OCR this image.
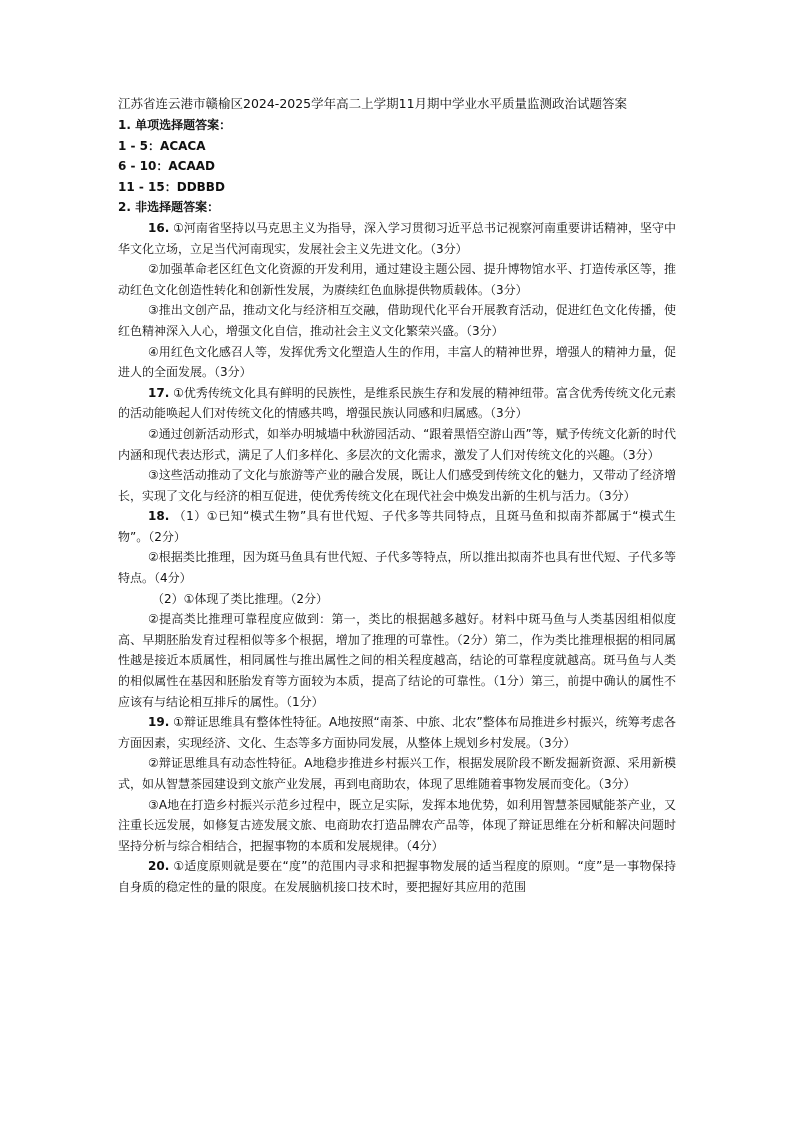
江苏省连云港市赣榆区2024-2025学年高二上学期11月期中学业水平质量监测政治试题答案

1. 单项选择题答案：

1 - 5：ACACA

6 - 10：ACAAD

11 - 15：DDBBD

2. 非选择题答案：

16. ①河南省坚持以马克思主义为指导，深入学习贯彻习近平总书记视察河南重要讲话精神，坚守中华文化立场，立足当代河南现实，发展社会主义先进文化。（3分）

②加强革命老区红色文化资源的开发利用，通过建设主题公园、提升博物馆水平、打造传承区等，推动红色文化创造性转化和创新性发展，为赓续红色血脉提供物质载体。（3分）

③推出文创产品，推动文化与经济相互交融，借助现代化平台开展教育活动，促进红色文化传播，使红色精神深入人心，增强文化自信，推动社会主义文化繁荣兴盛。（3分）

④用红色文化感召人等，发挥优秀文化塑造人生的作用，丰富人的精神世界，增强人的精神力量，促进人的全面发展。（3分）

17. ①优秀传统文化具有鲜明的民族性，是维系民族生存和发展的精神纽带。富含优秀传统文化元素的活动能唤起人们对传统文化的情感共鸣，增强民族认同感和归属感。（3分）

②通过创新活动形式，如举办明城墙中秋游园活动、“跟着黑悟空游山西”等，赋予传统文化新的时代内涵和现代表达形式，满足了人们多样化、多层次的文化需求，激发了人们对传统文化的兴趣。（3分）

③这些活动推动了文化与旅游等产业的融合发展，既让人们感受到传统文化的魅力，又带动了经济增长，实现了文化与经济的相互促进，使优秀传统文化在现代社会中焕发出新的生机与活力。（3分）

18. （1）①已知“模式生物”具有世代短、子代多等共同特点，且斑马鱼和拟南芥都属于“模式生物”。（2分）

②根据类比推理，因为斑马鱼具有世代短、子代多等特点，所以推出拟南芥也具有世代短、子代多等特点。（4分）

（2）①体现了类比推理。（2分）

②提高类比推理可靠程度应做到：第一，类比的根据越多越好。材料中斑马鱼与人类基因组相似度高、早期胚胎发育过程相似等多个根据，增加了推理的可靠性。（2分）第二，作为类比推理根据的相同属性越是接近本质属性，相同属性与推出属性之间的相关程度越高，结论的可靠程度就越高。斑马鱼与人类的相似属性在基因和胚胎发育等方面较为本质，提高了结论的可靠性。（1分）第三，前提中确认的属性不应该有与结论相互排斥的属性。（1分）

19. ①辩证思维具有整体性特征。A地按照“南茶、中旅、北农”整体布局推进乡村振兴，统筹考虑各方面因素，实现经济、文化、生态等多方面协同发展，从整体上规划乡村发展。（3分）

②辩证思维具有动态性特征。A地稳步推进乡村振兴工作，根据发展阶段不断发掘新资源、采用新模式，如从智慧茶园建设到文旅产业发展，再到电商助农，体现了思维随着事物发展而变化。（3分）

③A地在打造乡村振兴示范乡过程中，既立足实际，发挥本地优势，如利用智慧茶园赋能茶产业，又注重长远发展，如修复古迹发展文旅、电商助农打造品牌农产品等，体现了辩证思维在分析和解决问题时坚持分析与综合相结合，把握事物的本质和发展规律。（4分）

20. ①适度原则就是要在“度”的范围内寻求和把握事物发展的适当程度的原则。“度”是一事物保持自身质的稳定性的量的限度。在发展脑机接口技术时，要把握好其应用的范围
